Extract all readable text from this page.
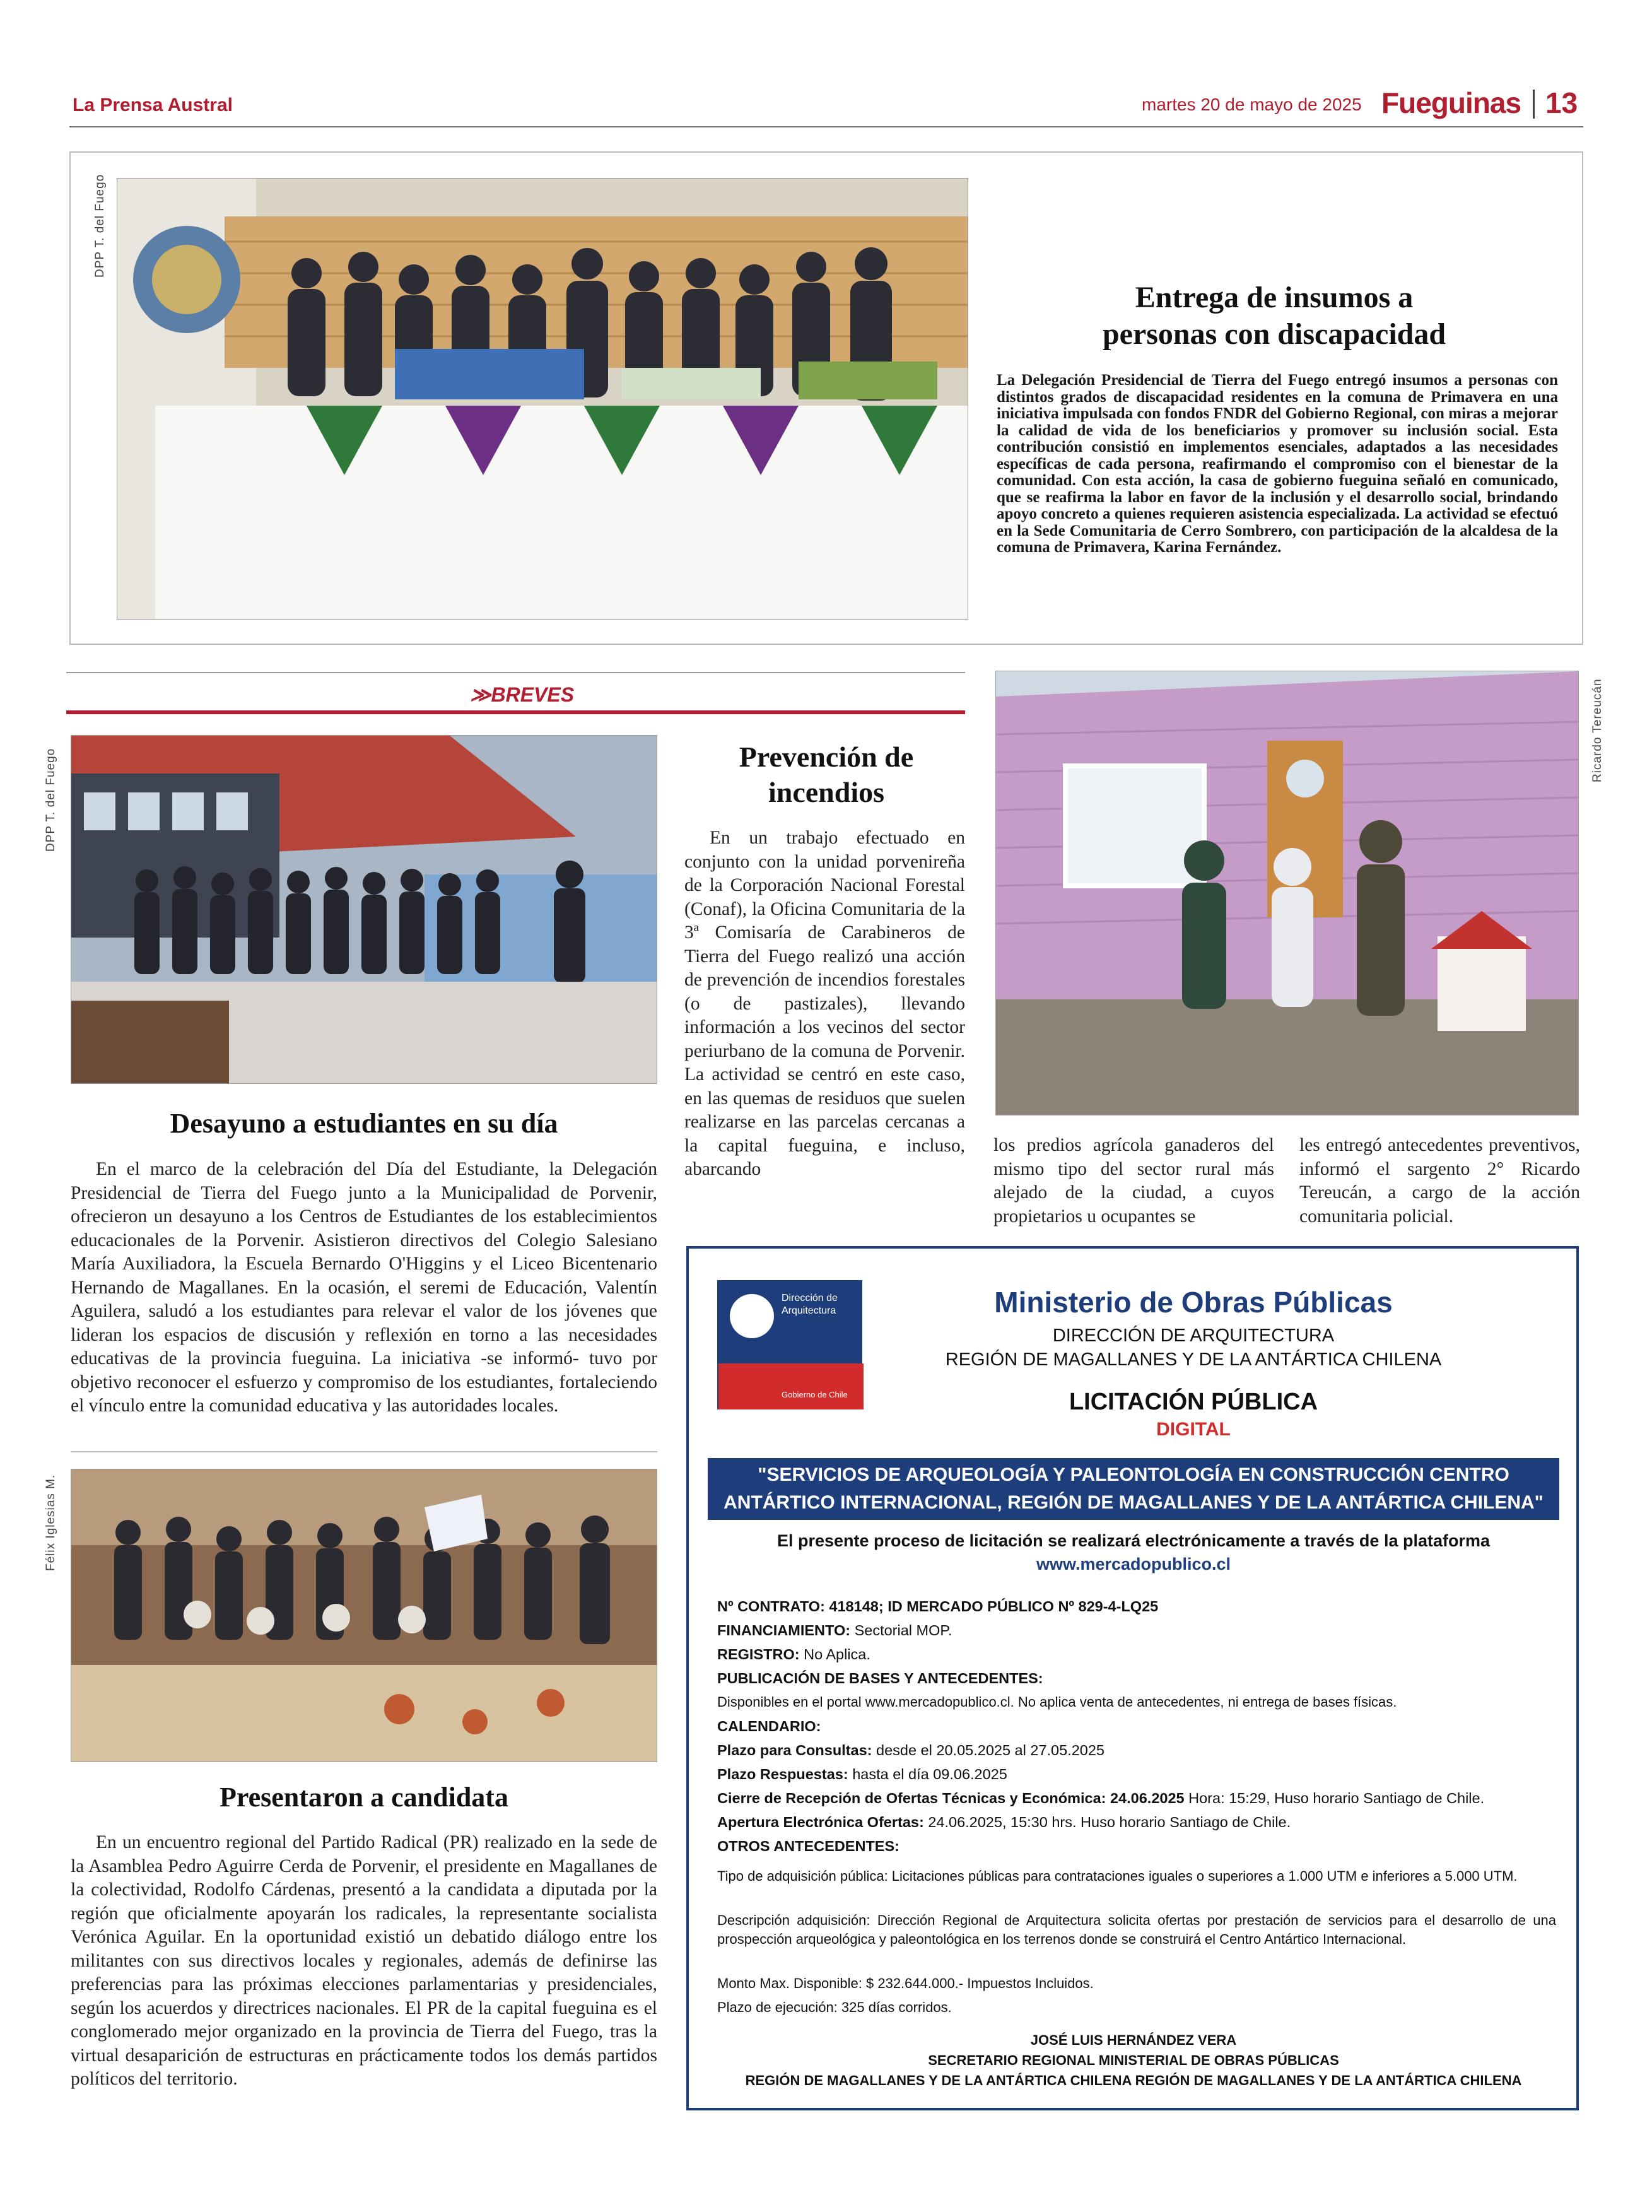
La Prensa Austral	martes 20 de mayo de 2025 Fueguinas 13
DPP T. del Fuego
Entrega de insumos a
personas con discapacidad
La Delegación Presidencial de Tierra del Fuego entregó insumos a personas con distintos grados de discapacidad residentes en la comuna de Primavera en una iniciativa impulsada con fondos FNDR del Gobierno Regional, con miras a mejorar la calidad de vida de los beneficiarios y promover su inclusión social. Esta contribución consistió en implementos esenciales, adaptados a las necesidades específicas de cada persona, reafirmando el compromiso con el bienestar de la comunidad. Con esta acción, la casa de gobierno fueguina señaló en comunicado, que se reafirma la labor en favor de la inclusión y el desarrollo social, brindando apoyo concreto a quienes requieren asistencia especializada. La actividad se efectuó en la Sede Comunitaria de Cerro Sombrero, con participación de la alcaldesa de la comuna de Primavera, Karina Fernández.
≫BREVES
DPP T. del Fuego
Desayuno a estudiantes en su día
En el marco de la celebración del Día del Estudiante, la Delegación Presidencial de Tierra del Fuego junto a la Municipalidad de Porvenir, ofrecieron un desayuno a los Centros de Estudiantes de los establecimientos educacionales de la Porvenir. Asistieron directivos del Colegio Salesiano María Auxiliadora, la Escuela Bernardo O'Higgins y el Liceo Bicentenario Hernando de Magallanes. En la ocasión, el seremi de Educación, Valentín Aguilera, saludó a los estudiantes para relevar el valor de los jóvenes que lideran los espacios de discusión y reflexión en torno a las necesidades educativas de la provincia fueguina. La iniciativa -se informó- tuvo por objetivo reconocer el esfuerzo y compromiso de los estudiantes, fortaleciendo el vínculo entre la comunidad educativa y las autoridades locales.
Félix Iglesias M.
Presentaron a candidata
En un encuentro regional del Partido Radical (PR) realizado en la sede de la Asamblea Pedro Aguirre Cerda de Porvenir, el presidente en Magallanes de la colectividad, Rodolfo Cárdenas, presentó a la candidata a diputada por la región que oficialmente apoyarán los radicales, la representante socialista Verónica Aguilar. En la oportunidad existió un debatido diálogo entre los militantes con sus directivos locales y regionales, además de definirse las preferencias para las próximas elecciones parlamentarias y presidenciales, según los acuerdos y directrices nacionales. El PR de la capital fueguina es el conglomerado mejor organizado en la provincia de Tierra del Fuego, tras la virtual desaparición de estructuras en prácticamente todos los demás partidos políticos del territorio.
Prevención de
incendios
En un trabajo efectuado en conjunto con la unidad porvenireña de la Corporación Nacional Forestal (Conaf), la Oficina Comunitaria de la 3ª Comisaría de Carabineros de Tierra del Fuego realizó una acción de prevención de incendios forestales (o de pastizales), llevando información a los vecinos del sector periurbano de la comuna de Porvenir. La actividad se centró en este caso, en las quemas de residuos que suelen realizarse en las parcelas cercanas a la capital fueguina, e incluso, abarcando
los predios agrícola ganaderos del mismo tipo del sector rural más alejado de la ciudad, a cuyos propietarios u ocupantes se
les entregó antecedentes preventivos, informó el sargento 2° Ricardo Tereucán, a cargo de la acción comunitaria policial.
Ricardo Tereucán
Dirección de
Arquitectura
Gobierno de Chile
Ministerio de Obras Públicas
DIRECCIÓN DE ARQUITECTURA
REGIÓN DE MAGALLANES Y DE LA ANTÁRTICA CHILENA
LICITACIÓN PÚBLICA
DIGITAL
"SERVICIOS DE ARQUEOLOGÍA Y PALEONTOLOGÍA EN CONSTRUCCIÓN CENTRO
ANTÁRTICO INTERNACIONAL, REGIÓN DE MAGALLANES Y DE LA ANTÁRTICA CHILENA"
El presente proceso de licitación se realizará electrónicamente a través de la plataforma
www.mercadopublico.cl
Nº CONTRATO: 418148; ID MERCADO PÚBLICO Nº 829-4-LQ25
FINANCIAMIENTO: Sectorial MOP.
REGISTRO: No Aplica.
PUBLICACIÓN DE BASES Y ANTECEDENTES:
Disponibles en el portal www.mercadopublico.cl. No aplica venta de antecedentes, ni entrega de bases físicas.
CALENDARIO:
Plazo para Consultas: desde el 20.05.2025 al 27.05.2025
Plazo Respuestas: hasta el día 09.06.2025
Cierre de Recepción de Ofertas Técnicas y Económica: 24.06.2025 Hora: 15:29, Huso horario Santiago de Chile.
Apertura Electrónica Ofertas: 24.06.2025, 15:30 hrs. Huso horario Santiago de Chile.
OTROS ANTECEDENTES:
Tipo de adquisición pública: Licitaciones públicas para contrataciones iguales o superiores a 1.000 UTM e inferiores a 5.000 UTM.
Descripción adquisición: Dirección Regional de Arquitectura solicita ofertas por prestación de servicios para el desarrollo de una prospección arqueológica y paleontológica en los terrenos donde se construirá el Centro Antártico Internacional.
Monto Max. Disponible: $ 232.644.000.- Impuestos Incluidos.
Plazo de ejecución: 325 días corridos.
JOSÉ LUIS HERNÁNDEZ VERA
SECRETARIO REGIONAL MINISTERIAL DE OBRAS PÚBLICAS
REGIÓN DE MAGALLANES Y DE LA ANTÁRTICA CHILENA REGIÓN DE MAGALLANES Y DE LA ANTÁRTICA CHILENA
